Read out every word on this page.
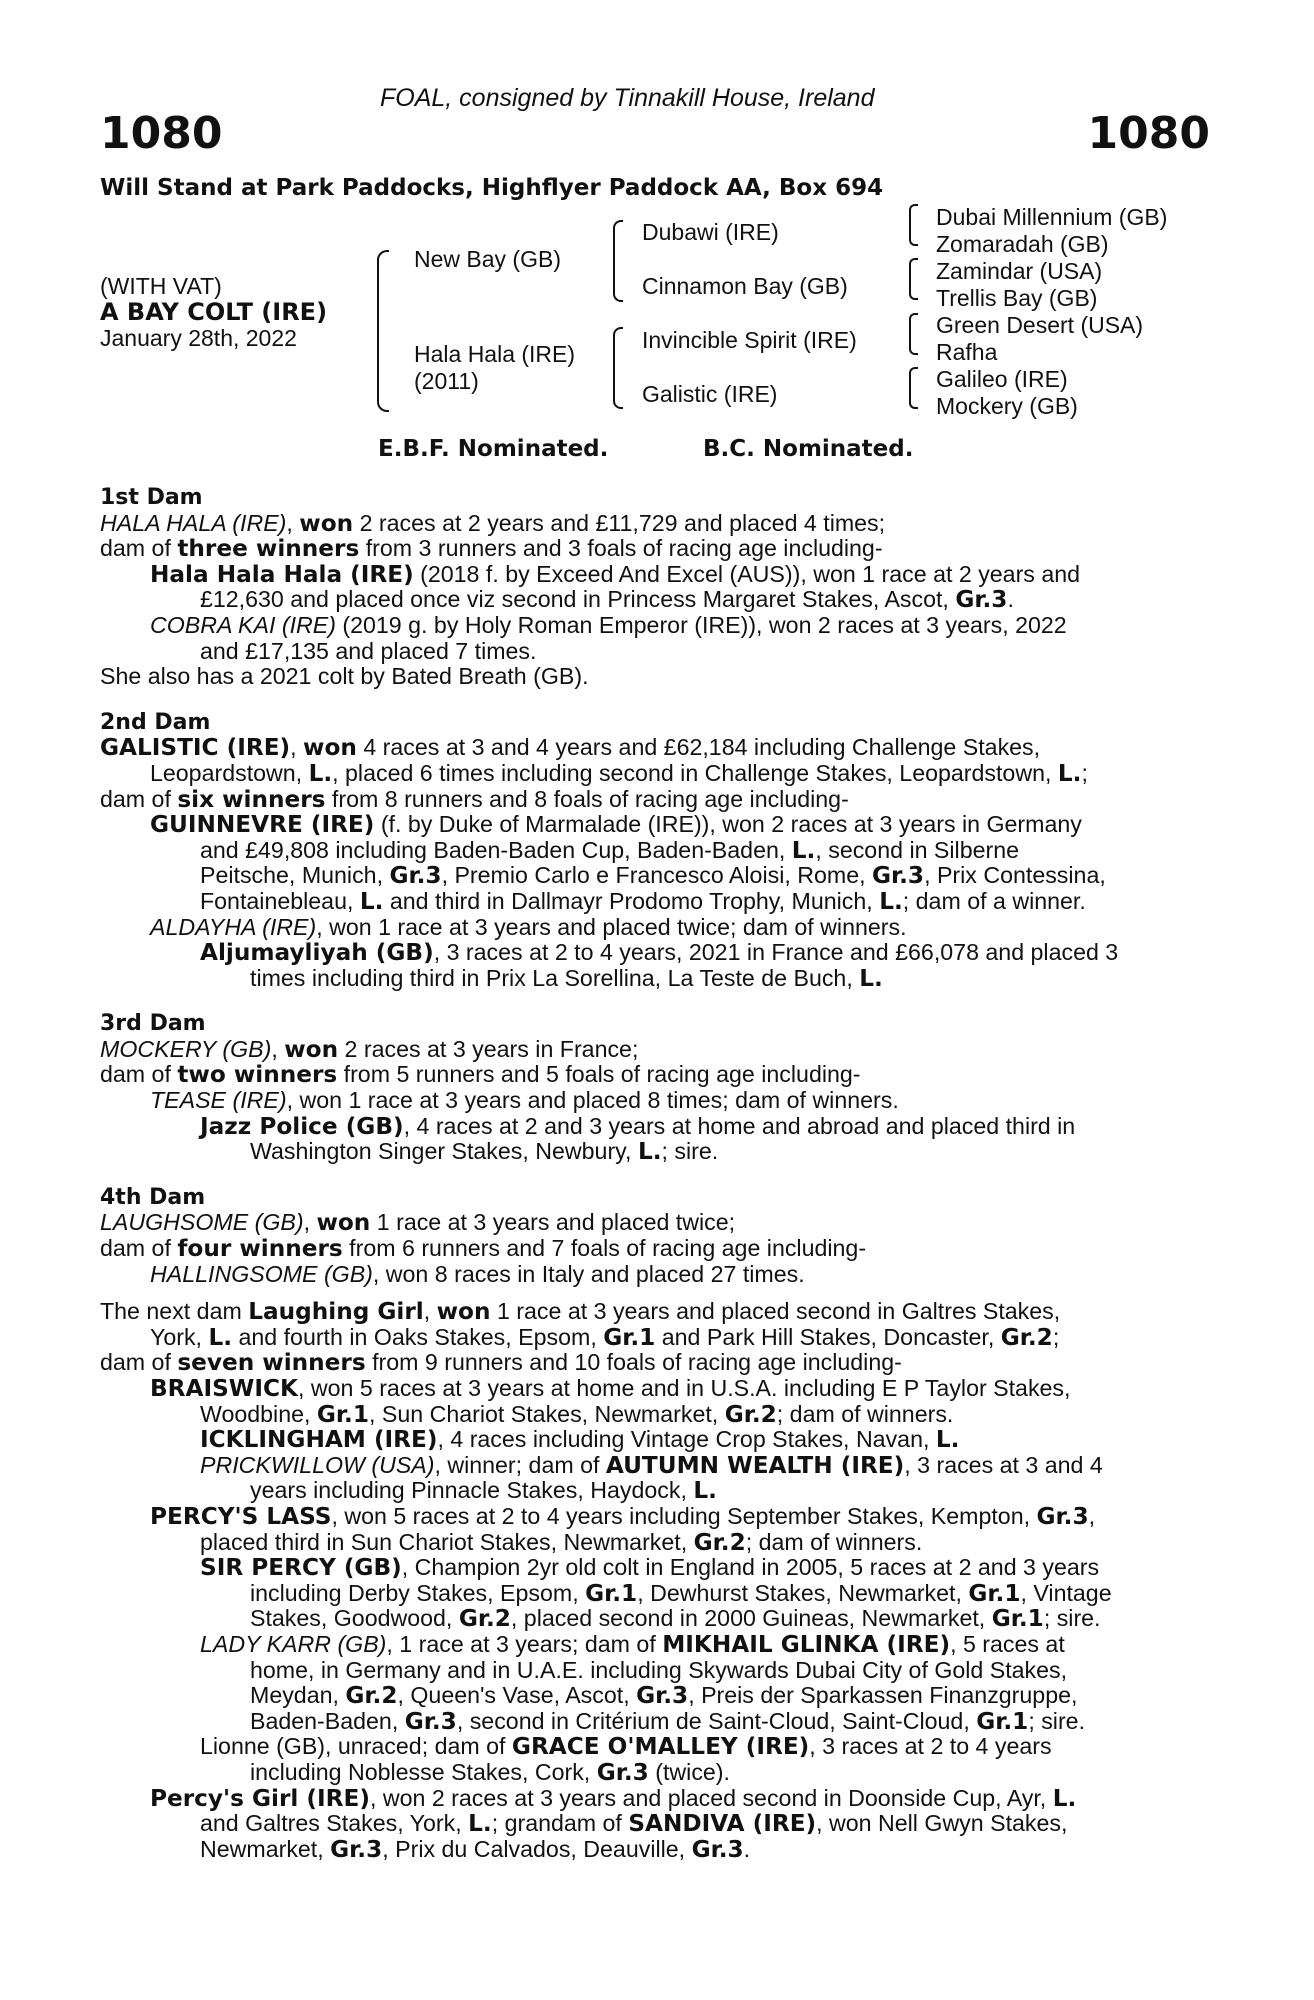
FOAL, consigned by Tinnakill House, Ireland
1080	1080
Will Stand at Park Paddocks, Highflyer Paddock AA, Box 694
(WITH VAT)
A BAY COLT (IRE)
January 28th, 2022
New Bay (GB)
Hala Hala (IRE)
(2011)
Dubawi (IRE)
Cinnamon Bay (GB)
Invincible Spirit (IRE)
Galistic (IRE)
Dubai Millennium (GB)
Zomaradah (GB)
Zamindar (USA)
Trellis Bay (GB)
Green Desert (USA)
Rafha
Galileo (IRE)
Mockery (GB)
E.B.F. Nominated.	B.C. Nominated.
1st Dam
HALA HALA (IRE), won 2 races at 2 years and £11,729 and placed 4 times;
dam of three winners from 3 runners and 3 foals of racing age including-
Hala Hala Hala (IRE) (2018 f. by Exceed And Excel (AUS)), won 1 race at 2 years and
£12,630 and placed once viz second in Princess Margaret Stakes, Ascot, Gr.3.
COBRA KAI (IRE) (2019 g. by Holy Roman Emperor (IRE)), won 2 races at 3 years, 2022
and £17,135 and placed 7 times.
She also has a 2021 colt by Bated Breath (GB).
2nd Dam
GALISTIC (IRE), won 4 races at 3 and 4 years and £62,184 including Challenge Stakes,
Leopardstown, L., placed 6 times including second in Challenge Stakes, Leopardstown, L.;
dam of six winners from 8 runners and 8 foals of racing age including-
GUINNEVRE (IRE) (f. by Duke of Marmalade (IRE)), won 2 races at 3 years in Germany
and £49,808 including Baden-Baden Cup, Baden-Baden, L., second in Silberne
Peitsche, Munich, Gr.3, Premio Carlo e Francesco Aloisi, Rome, Gr.3, Prix Contessina,
Fontainebleau, L. and third in Dallmayr Prodomo Trophy, Munich, L.; dam of a winner.
ALDAYHA (IRE), won 1 race at 3 years and placed twice; dam of winners.
Aljumayliyah (GB), 3 races at 2 to 4 years, 2021 in France and £66,078 and placed 3
times including third in Prix La Sorellina, La Teste de Buch, L.
3rd Dam
MOCKERY (GB), won 2 races at 3 years in France;
dam of two winners from 5 runners and 5 foals of racing age including-
TEASE (IRE), won 1 race at 3 years and placed 8 times; dam of winners.
Jazz Police (GB), 4 races at 2 and 3 years at home and abroad and placed third in
Washington Singer Stakes, Newbury, L.; sire.
4th Dam
LAUGHSOME (GB), won 1 race at 3 years and placed twice;
dam of four winners from 6 runners and 7 foals of racing age including-
HALLINGSOME (GB), won 8 races in Italy and placed 27 times.
The next dam Laughing Girl, won 1 race at 3 years and placed second in Galtres Stakes,
York, L. and fourth in Oaks Stakes, Epsom, Gr.1 and Park Hill Stakes, Doncaster, Gr.2;
dam of seven winners from 9 runners and 10 foals of racing age including-
BRAISWICK, won 5 races at 3 years at home and in U.S.A. including E P Taylor Stakes,
Woodbine, Gr.1, Sun Chariot Stakes, Newmarket, Gr.2; dam of winners.
ICKLINGHAM (IRE), 4 races including Vintage Crop Stakes, Navan, L.
PRICKWILLOW (USA), winner; dam of AUTUMN WEALTH (IRE), 3 races at 3 and 4
years including Pinnacle Stakes, Haydock, L.
PERCY'S LASS, won 5 races at 2 to 4 years including September Stakes, Kempton, Gr.3,
placed third in Sun Chariot Stakes, Newmarket, Gr.2; dam of winners.
SIR PERCY (GB), Champion 2yr old colt in England in 2005, 5 races at 2 and 3 years
including Derby Stakes, Epsom, Gr.1, Dewhurst Stakes, Newmarket, Gr.1, Vintage
Stakes, Goodwood, Gr.2, placed second in 2000 Guineas, Newmarket, Gr.1; sire.
LADY KARR (GB), 1 race at 3 years; dam of MIKHAIL GLINKA (IRE), 5 races at
home, in Germany and in U.A.E. including Skywards Dubai City of Gold Stakes,
Meydan, Gr.2, Queen's Vase, Ascot, Gr.3, Preis der Sparkassen Finanzgruppe,
Baden-Baden, Gr.3, second in Critérium de Saint-Cloud, Saint-Cloud, Gr.1; sire.
Lionne (GB), unraced; dam of GRACE O'MALLEY (IRE), 3 races at 2 to 4 years
including Noblesse Stakes, Cork, Gr.3 (twice).
Percy's Girl (IRE), won 2 races at 3 years and placed second in Doonside Cup, Ayr, L.
and Galtres Stakes, York, L.; grandam of SANDIVA (IRE), won Nell Gwyn Stakes,
Newmarket, Gr.3, Prix du Calvados, Deauville, Gr.3.
